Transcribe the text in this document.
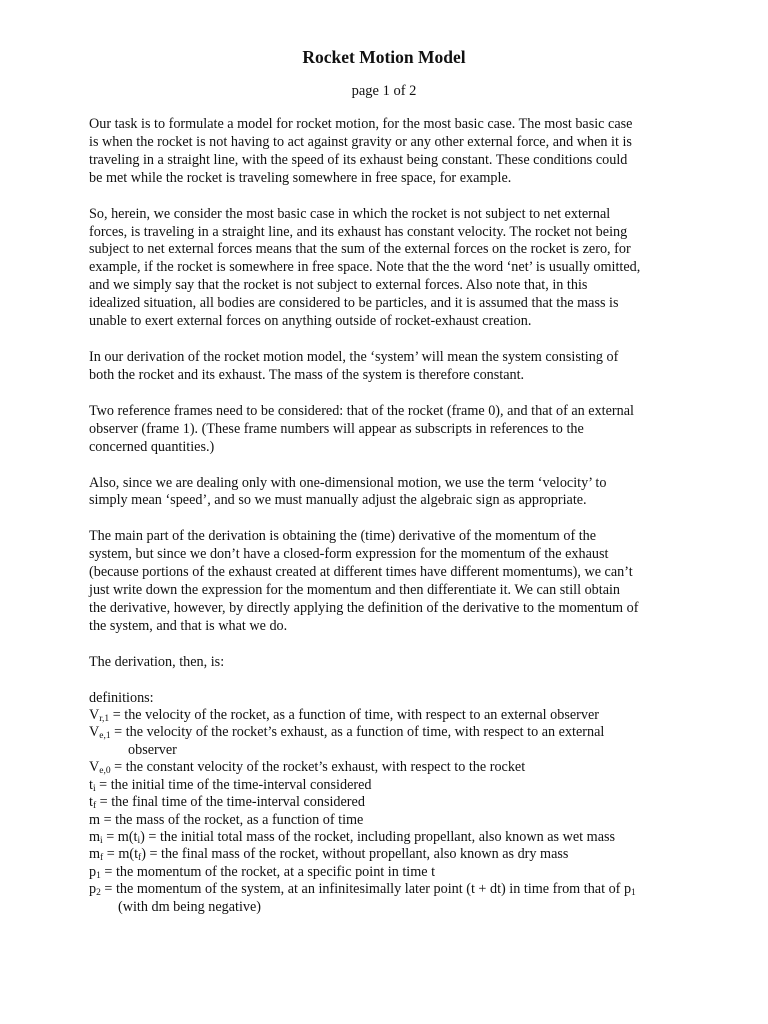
Rocket Motion Model

page 1 of 2

Our task is to formulate a model for rocket motion, for the most basic case. The most basic case
is when the rocket is not having to act against gravity or any other external force, and when it is
traveling in a straight line, with the speed of its exhaust being constant. These conditions could
be met while the rocket is traveling somewhere in free space, for example.
So, herein, we consider the most basic case in which the rocket is not subject to net external
forces, is traveling in a straight line, and its exhaust has constant velocity. The rocket not being
subject to net external forces means that the sum of the external forces on the rocket is zero, for
example, if the rocket is somewhere in free space. Note that the the word ‘net’ is usually omitted,
and we simply say that the rocket is not subject to external forces. Also note that, in this
idealized situation, all bodies are considered to be particles, and it is assumed that the mass is
unable to exert external forces on anything outside of rocket-exhaust creation.
In our derivation of the rocket motion model, the ‘system’ will mean the system consisting of
both the rocket and its exhaust. The mass of the system is therefore constant.
Two reference frames need to be considered: that of the rocket (frame 0), and that of an external
observer (frame 1). (These frame numbers will appear as subscripts in references to the
concerned quantities.)
Also, since we are dealing only with one-dimensional motion, we use the term ‘velocity’ to
simply mean ‘speed’, and so we must manually adjust the algebraic sign as appropriate.
The main part of the derivation is obtaining the (time) derivative of the momentum of the
system, but since we don’t have a closed-form expression for the momentum of the exhaust
(because portions of the exhaust created at different times have different momentums), we can’t
just write down the expression for the momentum and then differentiate it. We can still obtain
the derivative, however, by directly applying the definition of the derivative to the momentum of
the system, and that is what we do.
The derivation, then, is:
definitions:
$V_{r,1}$ = the velocity of the rocket, as a function of time, with respect to an external observer
$V_{e,1}$ = the velocity of the rocket’s exhaust, as a function of time, with respect to an external
observer
$V_{e,0}$ = the constant velocity of the rocket’s exhaust, with respect to the rocket
$t_i$ = the initial time of the time-interval considered
$t_f$ = the final time of the time-interval considered
m = the mass of the rocket, as a function of time
$m_i = m(t_i)$ = the initial total mass of the rocket, including propellant, also known as wet mass
$m_f = m(t_f)$ = the final mass of the rocket, without propellant, also known as dry mass
$p_1$ = the momentum of the rocket, at a specific point in time t
$p_2$ = the momentum of the system, at an infinitesimally later point (t + dt) in time from that of $p_1$
(with dm being negative)
